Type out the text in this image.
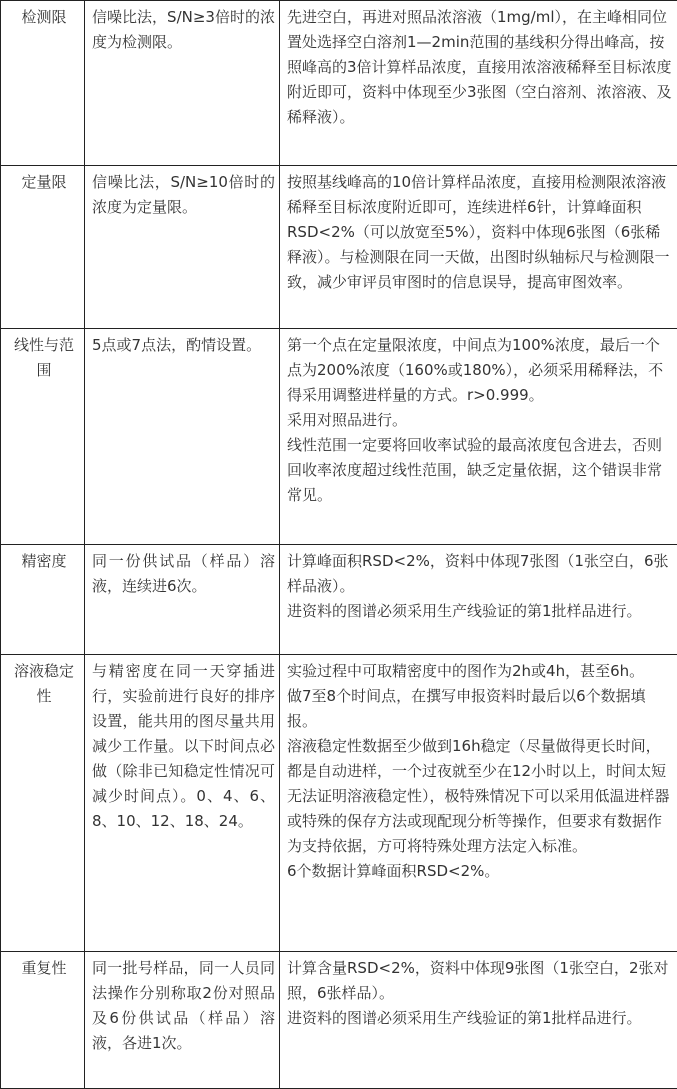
检测限	信噪比法，S/N≥3倍时的浓度为检测限。	先进空白，再进对照品浓溶液（1mg/ml），在主峰相同位置处选择空白溶剂1—2min范围的基线积分得出峰高，按照峰高的3倍计算样品浓度，直接用浓溶液稀释至目标浓度附近即可，资料中体现至少3张图（空白溶剂、浓溶液、及稀释液）。

定量限	信噪比法，S/N≥10倍时的浓度为定量限。	按照基线峰高的10倍计算样品浓度，直接用检测限浓溶液稀释至目标浓度附近即可，连续进样6针，计算峰面积RSD<2%（可以放宽至5%），资料中体现6张图（6张稀释液）。与检测限在同一天做，出图时纵轴标尺与检测限一致，减少审评员审图时的信息误导，提高审图效率。

线性与范围	5点或7点法，酌情设置。	第一个点在定量限浓度，中间点为100%浓度，最后一个点为200%浓度（160%或180%），必须采用稀释法，不得采用调整进样量的方式。r>0.999。

采用对照品进行。

线性范围一定要将回收率试验的最高浓度包含进去，否则回收率浓度超过线性范围，缺乏定量依据，这个错误非常常见。

精密度	同一份供试品（样品）溶液，连续进6次。	计算峰面积RSD<2%，资料中体现7张图（1张空白，6张样品液）。

进资料的图谱必须采用生产线验证的第1批样品进行。

溶液稳定性	与精密度在同一天穿插进行，实验前进行良好的排序设置，能共用的图尽量共用减少工作量。以下时间点必做（除非已知稳定性情况可减少时间点）。0、4、6、8、10、12、18、24。	实验过程中可取精密度中的图作为2h或4h，甚至6h。

做7至8个时间点，在撰写申报资料时最后以6个数据填报。

溶液稳定性数据至少做到16h稳定（尽量做得更长时间，都是自动进样，一个过夜就至少在12小时以上，时间太短无法证明溶液稳定性），极特殊情况下可以采用低温进样器或特殊的保存方法或现配现分析等操作，但要求有数据作为支持依据，方可将特殊处理方法定入标准。

6个数据计算峰面积RSD<2%。

重复性	同一批号样品，同一人员同法操作分别称取2份对照品及6份供试品（样品）溶液，各进1次。	计算含量RSD<2%，资料中体现9张图（1张空白，2张对照，6张样品）。

进资料的图谱必须采用生产线验证的第1批样品进行。
